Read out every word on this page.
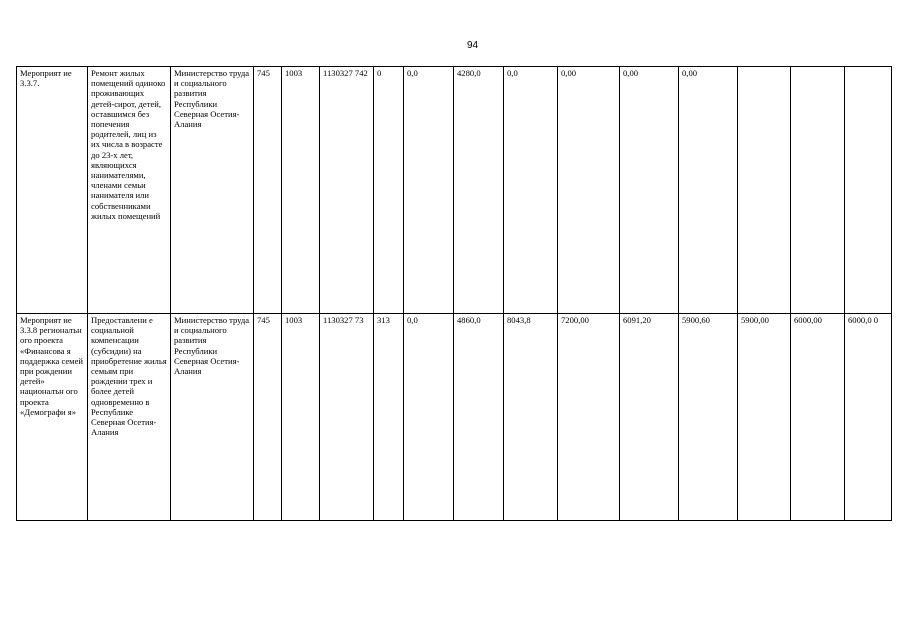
94
Мероприят ие 3.3.7.	Ремонт жилых помещений одиноко проживающих детей-сирот, детей, оставшимся без попечения родителей, лиц из их числа в возрасте до 23-х лет, являющихся нанимателями, членами семьи нанимателя или собственниками жилых помещений	Министерство труда и социального развития Республики Северная Осетия-Алания	745	1003	1130327 742	0	0,0	4280,0	0,0	0,00	0,00	0,00			
Мероприят ие 3.3.8 регионалън ого проекта «Финансова я поддержка семей при рождении детей» националън ого проекта «Демографи я»	Предоставлени е социальной компенсации (субсидии) на приобретение жилья семьям при рождении трех и более детей одновременно в Республике Северная Осетия-Алания	Министерство труда и социального развития Республики Северная Осетия-Алания	745	1003	1130327 73	313	0,0	4860,0	8043,8	7200,00	6091,20	5900,60	5900,00	6000,00	6000,0 0
